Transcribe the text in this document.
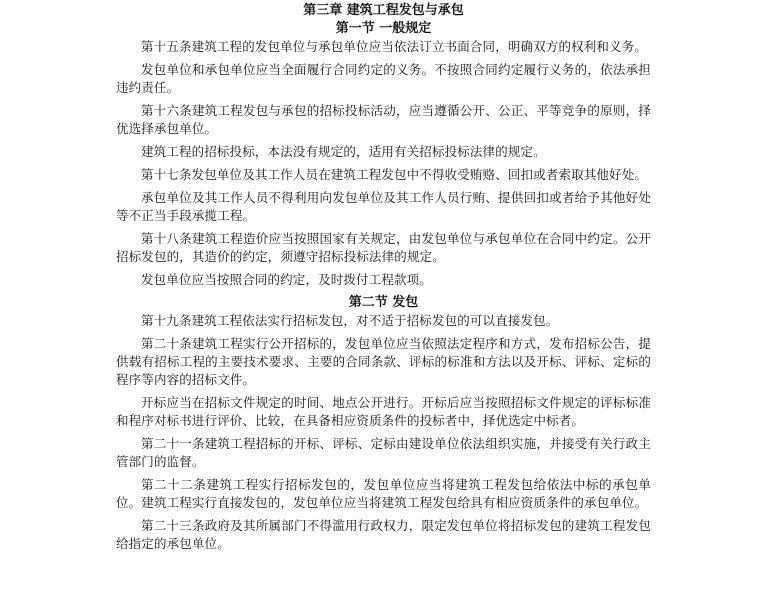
第三章 建筑工程发包与承包
第一节 一般规定

第十五条建筑工程的发包单位与承包单位应当依法订立书面合同，明确双方的权利和义务。

发包单位和承包单位应当全面履行合同约定的义务。不按照合同约定履行义务的，依法承担违约责任。

第十六条建筑工程发包与承包的招标投标活动，应当遵循公开、公正、平等竞争的原则，择优选择承包单位。

建筑工程的招标投标，本法没有规定的，适用有关招标投标法律的规定。

第十七条发包单位及其工作人员在建筑工程发包中不得收受贿赂、回扣或者索取其他好处。

承包单位及其工作人员不得利用向发包单位及其工作人员行贿、提供回扣或者给予其他好处等不正当手段承揽工程。

第十八条建筑工程造价应当按照国家有关规定，由发包单位与承包单位在合同中约定。公开招标发包的，其造价的约定，须遵守招标投标法律的规定。

发包单位应当按照合同的约定，及时拨付工程款项。

第二节 发包

第十九条建筑工程依法实行招标发包，对不适于招标发包的可以直接发包。

第二十条建筑工程实行公开招标的，发包单位应当依照法定程序和方式，发布招标公告，提供载有招标工程的主要技术要求、主要的合同条款、评标的标准和方法以及开标、评标、定标的程序等内容的招标文件。

开标应当在招标文件规定的时间、地点公开进行。开标后应当按照招标文件规定的评标标准和程序对标书进行评价、比较，在具备相应资质条件的投标者中，择优选定中标者。

第二十一条建筑工程招标的开标、评标、定标由建设单位依法组织实施，并接受有关行政主管部门的监督。

第二十二条建筑工程实行招标发包的，发包单位应当将建筑工程发包给依法中标的承包单位。建筑工程实行直接发包的，发包单位应当将建筑工程发包给具有相应资质条件的承包单位。

第二十三条政府及其所属部门不得滥用行政权力，限定发包单位将招标发包的建筑工程发包给指定的承包单位。
